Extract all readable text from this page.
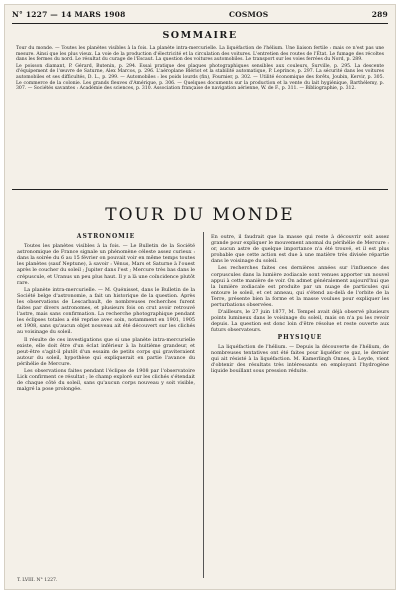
N° 1227 — 14 MARS 1908	COSMOS	289
SOMMAIRE

Tour du monde. — Toutes les planètes visibles à la fois. La planète intra-mercurielle. La liquéfaction de l'hélium. Une liaison fertile : mais ce n'est pas une mesure. Ainsi que les plus vieux. La voie de la production d'électricité et la circulation des voitures. L'entretien des routes de l'État. Le fumage des récoltes dans les fermes du nord. Le résultat du curage de l'Escaut. La question des voitures automobiles. Le transport sur les voies ferrées du Nord, p. 289.

Le poisson diamant, P. Gérard, Butenin, p. 294. Essai pratique des plaques photographiques sensibles aux couleurs, Surville, p. 295. La descente d'équipement de l'œuvre de Saturne, Alex Marcos, p. 296. L'aéroplane Blériot et la stabilité automatique, P. Leprince, p. 297. La sécurité dans les voitures automobiles et ses difficultés, D. L., p. 299. — Automobiles : les poids lourds (fin), Fournier, p. 302. — Utilité économique des forêts, Joubin, Kervir, p. 305. Le commerce de la colonie. Les grands fleuves d'Amérique, p. 306. — Quelques documents sur la production et la vente du lait hygiénique, Barthélemy, p. 307. — Sociétés savantes : Académie des sciences, p. 310. Association française de navigation aérienne, W. de F., p. 311. — Bibliographie, p. 312.

TOUR DU MONDE
ASTRONOMIE

Toutes les planètes visibles à la fois. — Le Bulletin de la Société astronomique de France signale un phénomène céleste assez curieux : dans la soirée du 6 au 15 février on pouvait voir en même temps toutes les planètes (sauf Neptune), à savoir : Vénus, Mars et Saturne à l'ouest après le coucher du soleil ; Jupiter dans l'est ; Mercure très bas dans le crépuscule, et Uranus un peu plus haut. Il y a là une coïncidence plutôt rare.

La planète intra-mercurielle. — M. Quénisset, dans le Bulletin de la Société belge d'astronomie, a fait un historique de la question. Après les observations de Lescarbault, de nombreuses recherches furent faites par divers astronomes, et plusieurs fois on crut avoir retrouvé l'astre, mais sans confirmation. La recherche photographique pendant les éclipses totales a été reprise avec soin, notamment en 1901, 1905 et 1908, sans qu'aucun objet nouveau ait été découvert sur les clichés au voisinage du soleil.

Il résulte de ces investigations que si une planète intra-mercurielle existe, elle doit être d'un éclat inférieur à la huitième grandeur, et peut-être s'agit-il plutôt d'un essaim de petits corps qui graviteraient autour du soleil, hypothèse qui expliquerait en partie l'avance du périhélie de Mercure.

Les observations faites pendant l'éclipse de 1908 par l'observatoire Lick confirment ce résultat ; le champ exploré sur les clichés s'étendait de chaque côté du soleil, sans qu'aucun corps nouveau y soit visible, malgré la pose prolongée.

En outre, il faudrait que la masse qui reste à découvrir soit assez grande pour expliquer le mouvement anomal du périhélie de Mercure : or, aucun astre de quelque importance n'a été trouvé, et il est plus probable que cette action est due à une matière très divisée répartie dans le voisinage du soleil.

Les recherches faites ces dernières années sur l'influence des corpuscules dans la lumière zodiacale sont venues apporter un nouvel appui à cette manière de voir. On admet généralement aujourd'hui que la lumière zodiacale est produite par un nuage de particules qui entoure le soleil, et cet anneau, qui s'étend au-delà de l'orbite de la Terre, présente bien la forme et la masse voulues pour expliquer les perturbations observées.

D'ailleurs, le 27 juin 1877, M. Tempel avait déjà observé plusieurs points lumineux dans le voisinage du soleil, mais on n'a pu les revoir depuis. La question est donc loin d'être résolue et reste ouverte aux futurs observateurs.

PHYSIQUE

La liquéfaction de l'hélium. — Depuis la découverte de l'hélium, de nombreuses tentatives ont été faites pour liquéfier ce gaz, le dernier qui ait résisté à la liquéfaction. M. Kamerlingh Onnes, à Leyde, vient d'obtenir des résultats très intéressants en employant l'hydrogène liquide bouillant sous pression réduite.

T. LVIII. N° 1227.
